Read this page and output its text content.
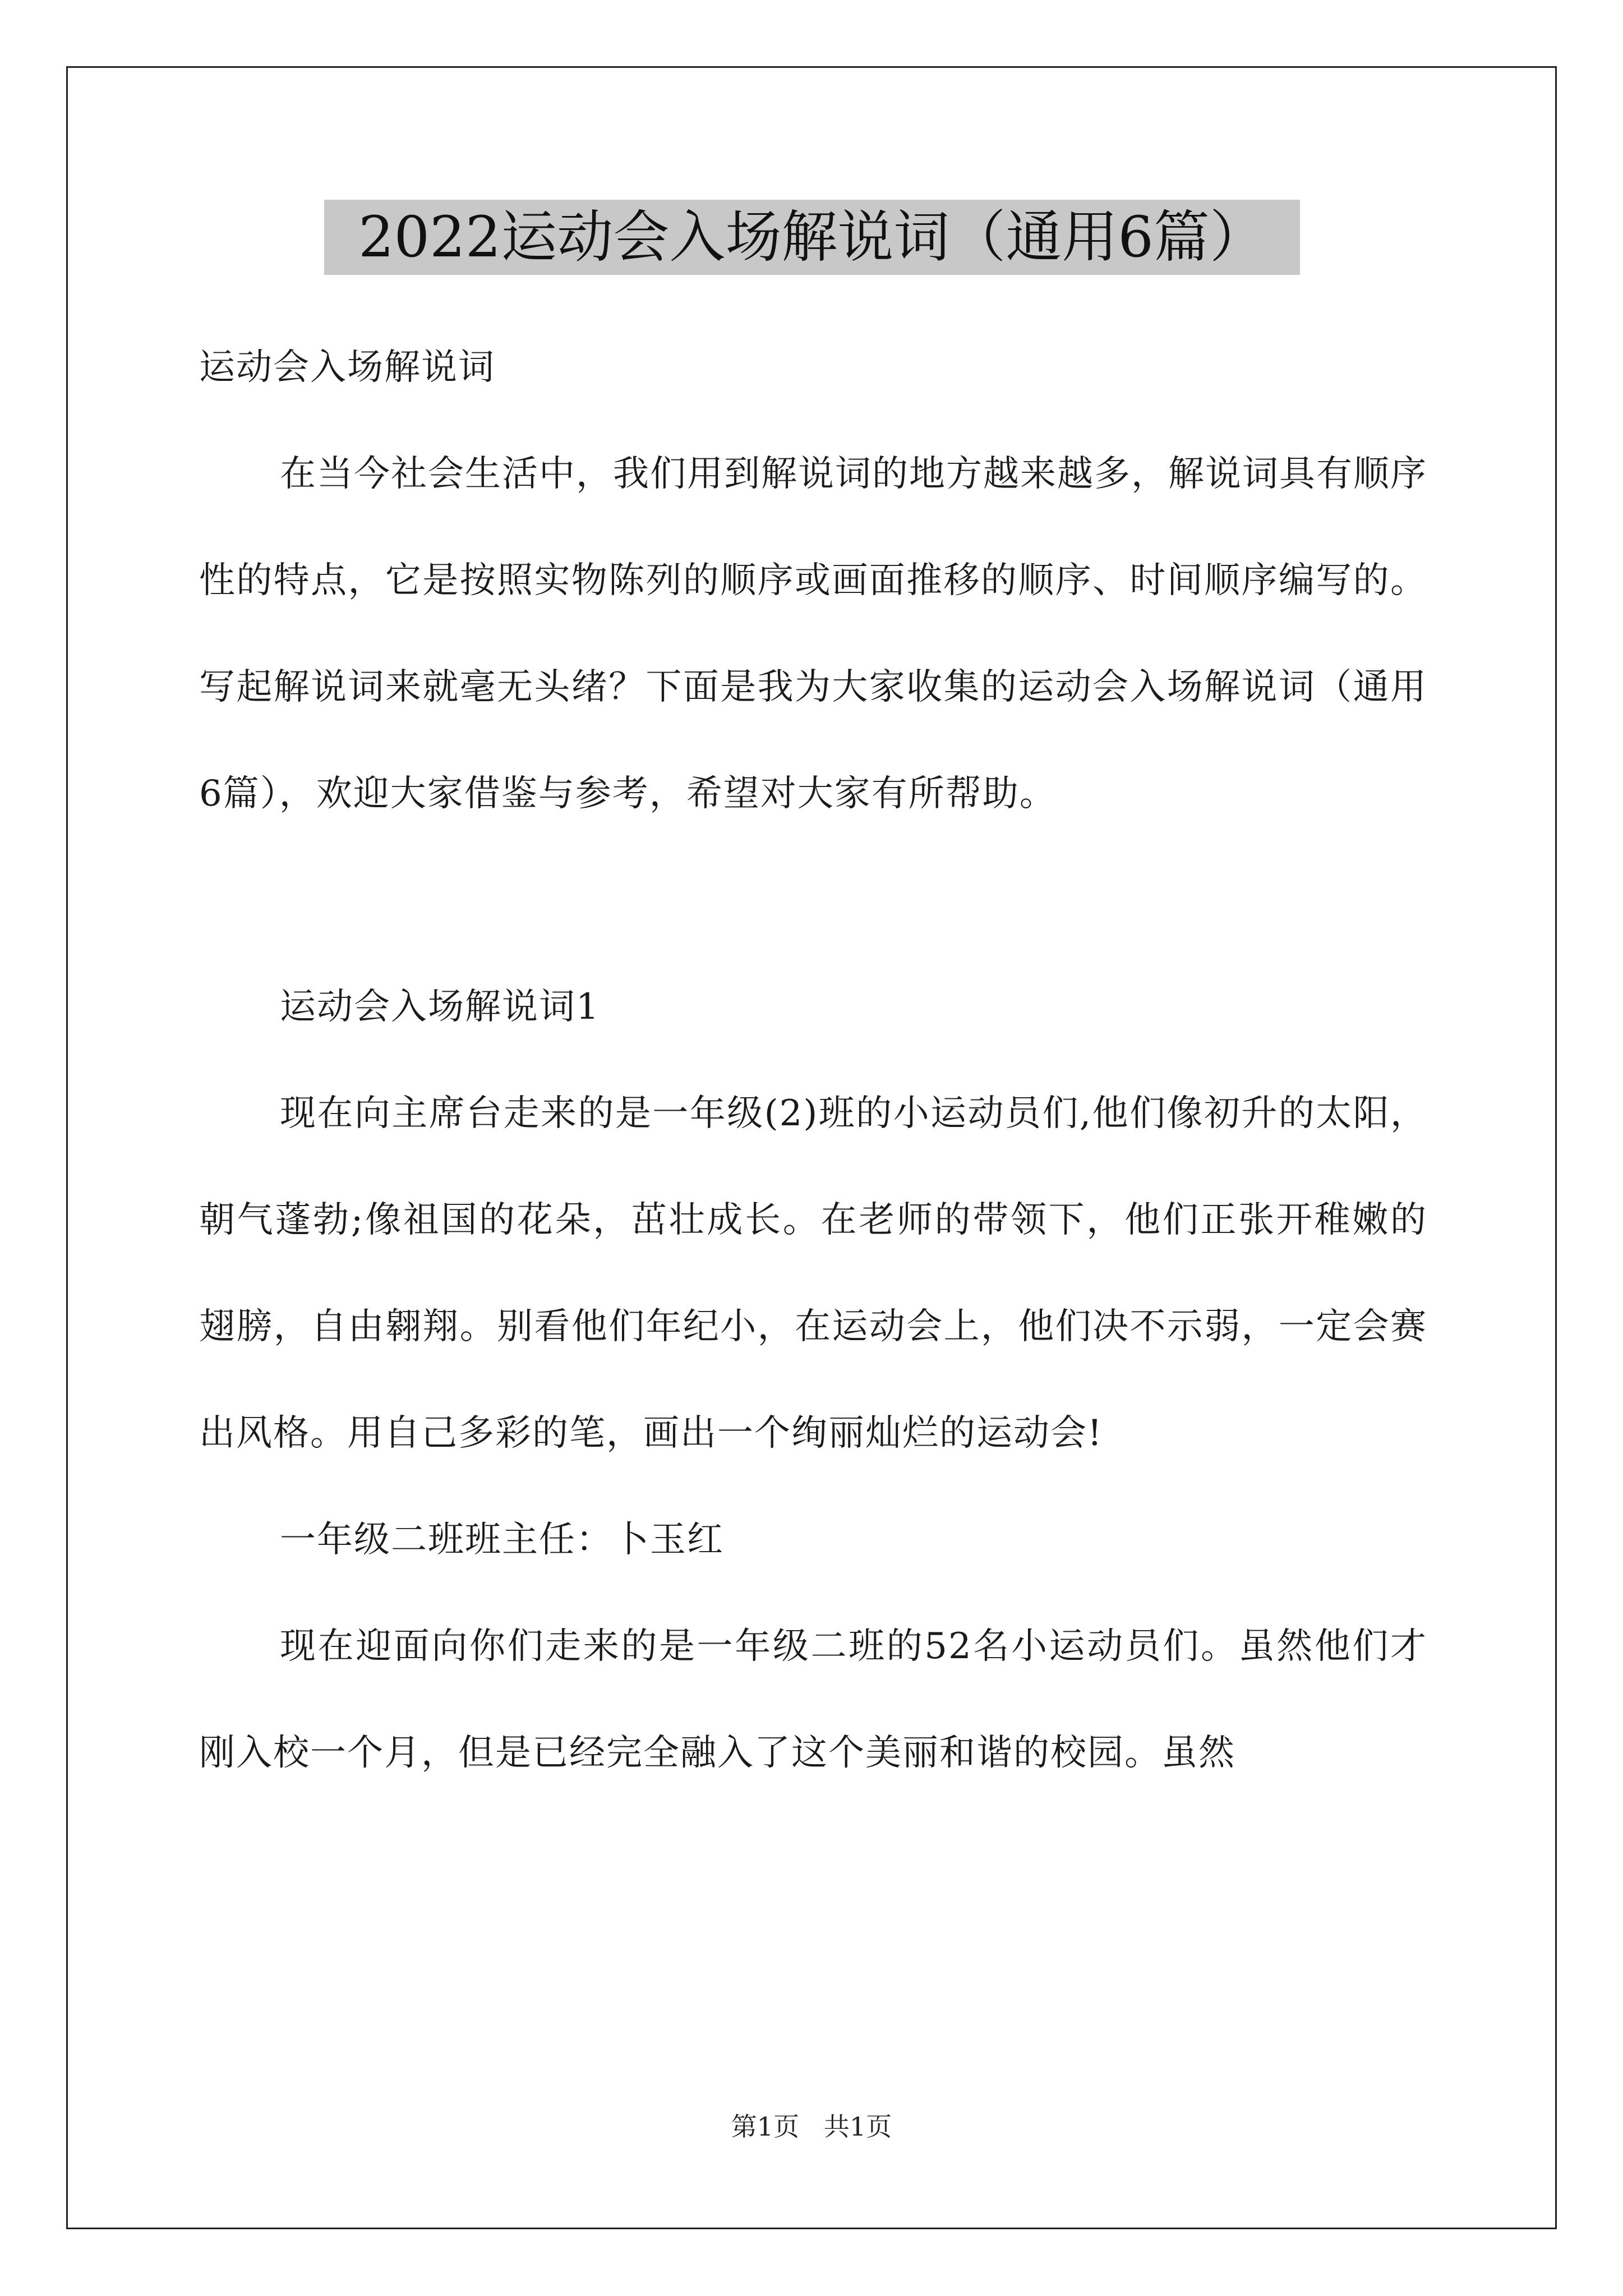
2022运动会入场解说词（通用6篇）

运动会入场解说词

在当今社会生活中，我们用到解说词的地方越来越多，解说词具有顺序性的特点，它是按照实物陈列的顺序或画面推移的顺序、时间顺序编写的。写起解说词来就毫无头绪？下面是我为大家收集的运动会入场解说词（通用6篇），欢迎大家借鉴与参考，希望对大家有所帮助。

运动会入场解说词1

现在向主席台走来的是一年级(2)班的小运动员们,他们像初升的太阳，朝气蓬勃;像祖国的花朵，茁壮成长。在老师的带领下，他们正张开稚嫩的翅膀，自由翱翔。别看他们年纪小，在运动会上，他们决不示弱，一定会赛出风格。用自己多彩的笔，画出一个绚丽灿烂的运动会!

一年级二班班主任：卜玉红

现在迎面向你们走来的是一年级二班的52名小运动员们。虽然他们才刚入校一个月，但是已经完全融入了这个美丽和谐的校园。虽然

第1页   共1页
